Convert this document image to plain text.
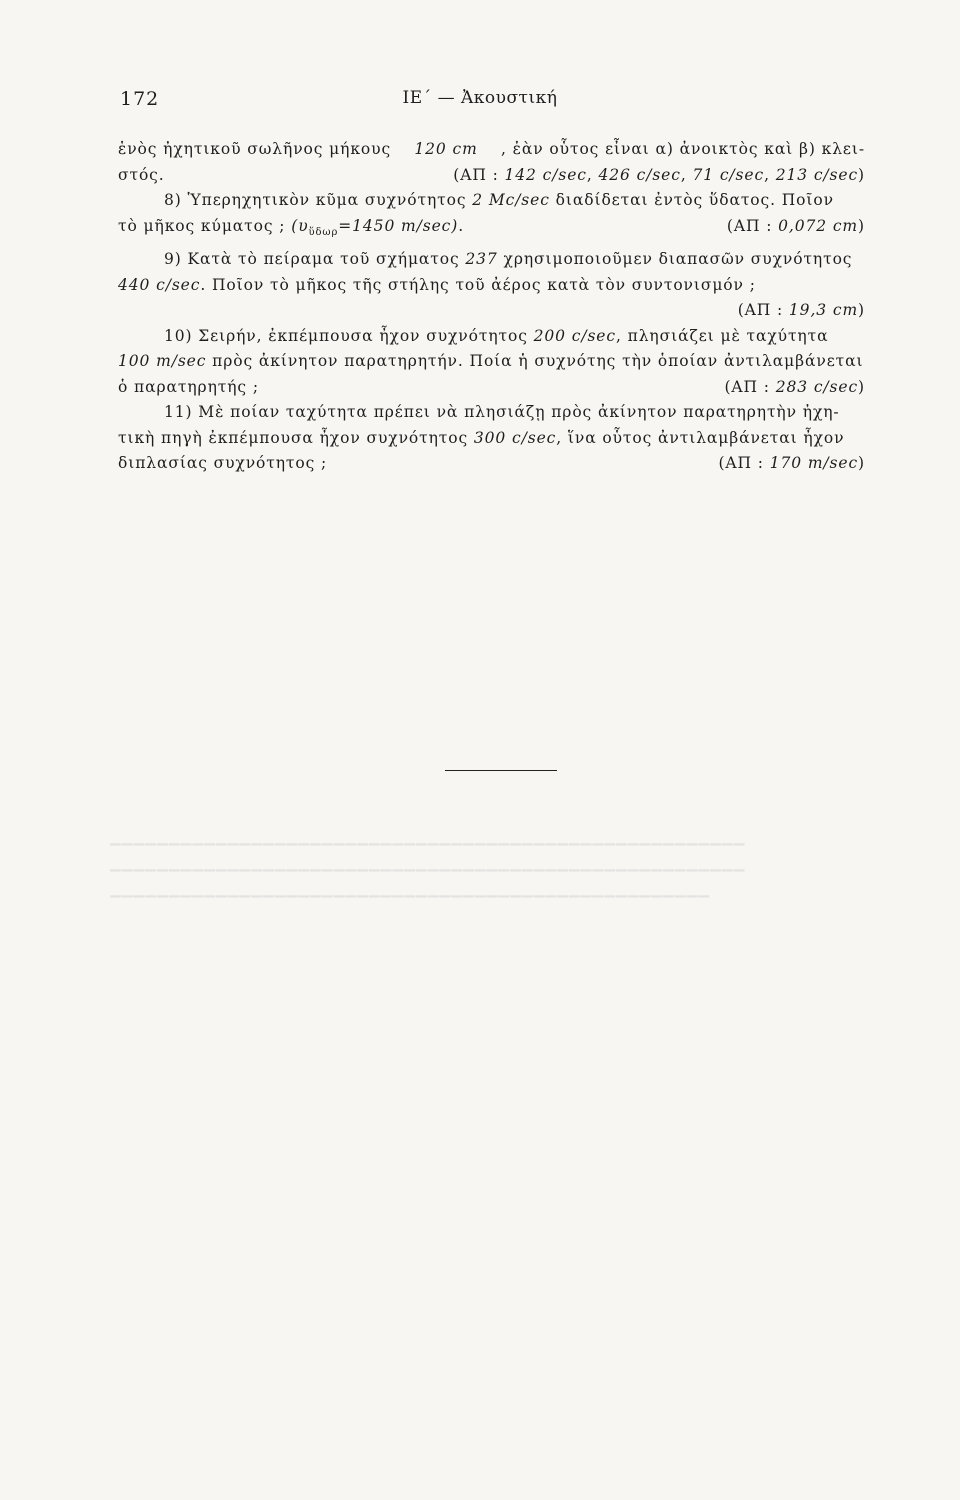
172	ΙΕ΄ — Ἀκουστική
ἑνὸς ἠχητικοῦ σωλῆνος μήκους 120 cm , ἐὰν οὗτος εἶναι α) ἀνοικτὸς καὶ β) κλει-
στός.	(ΑΠ : 142 c/sec, 426 c/sec, 71 c/sec, 213 c/sec)
8) Ὑπερηχητικὸν κῦμα συχνότητος 2 Mc/sec διαδίδεται ἐντὸς ὕδατος. Ποῖον
τὸ μῆκος κύματος ; ($\upsilon_{ὕ\delta\omega\rho}=1450$ m/sec).	(ΑΠ : 0,072 cm)
9) Κατὰ τὸ πείραμα τοῦ σχήματος 237 χρησιμοποιοῦμεν διαπασῶν συχνότητος
440 c/sec. Ποῖον τὸ μῆκος τῆς στήλης τοῦ ἀέρος κατὰ τὸν συντονισμόν ;
(ΑΠ : 19,3 cm)
10) Σειρήν, ἐκπέμπουσα ἦχον συχνότητος 200 c/sec, πλησιάζει μὲ ταχύτητα
100 m/sec πρὸς ἀκίνητον παρατηρητήν. Ποία ἡ συχνότης τὴν ὁποίαν ἀντιλαμβάνεται
ὁ παρατηρητής ;	(ΑΠ : 283 c/sec)
11) Μὲ ποίαν ταχύτητα πρέπει νὰ πλησιάζῃ πρὸς ἀκίνητον παρατηρητὴν ἠχη-
τικὴ πηγὴ ἐκπέμπουσα ἦχον συχνότητος 300 c/sec, ἵνα οὗτος ἀντιλαμβάνεται ἦχον
διπλασίας συχνότητος ;	(ΑΠ : 170 m/sec)
▁▁▁▁▁▁▁▁▁▁▁▁▁▁▁▁▁▁▁▁▁▁▁▁▁▁▁▁▁▁▁▁▁▁▁▁▁▁▁▁▁▁▁▁▁▁▁▁▁▁▁▁▁▁
▁▁▁▁▁▁▁▁▁▁▁▁▁▁▁▁▁▁▁▁▁▁▁▁▁▁▁▁▁▁▁▁▁▁▁▁▁▁▁▁▁▁▁▁▁▁▁▁▁▁▁▁▁▁
▁▁▁▁▁▁▁▁▁▁▁▁▁▁▁▁▁▁▁▁▁▁▁▁▁▁▁▁▁▁▁▁▁▁▁▁▁▁▁▁▁▁▁▁▁▁▁▁▁▁▁
